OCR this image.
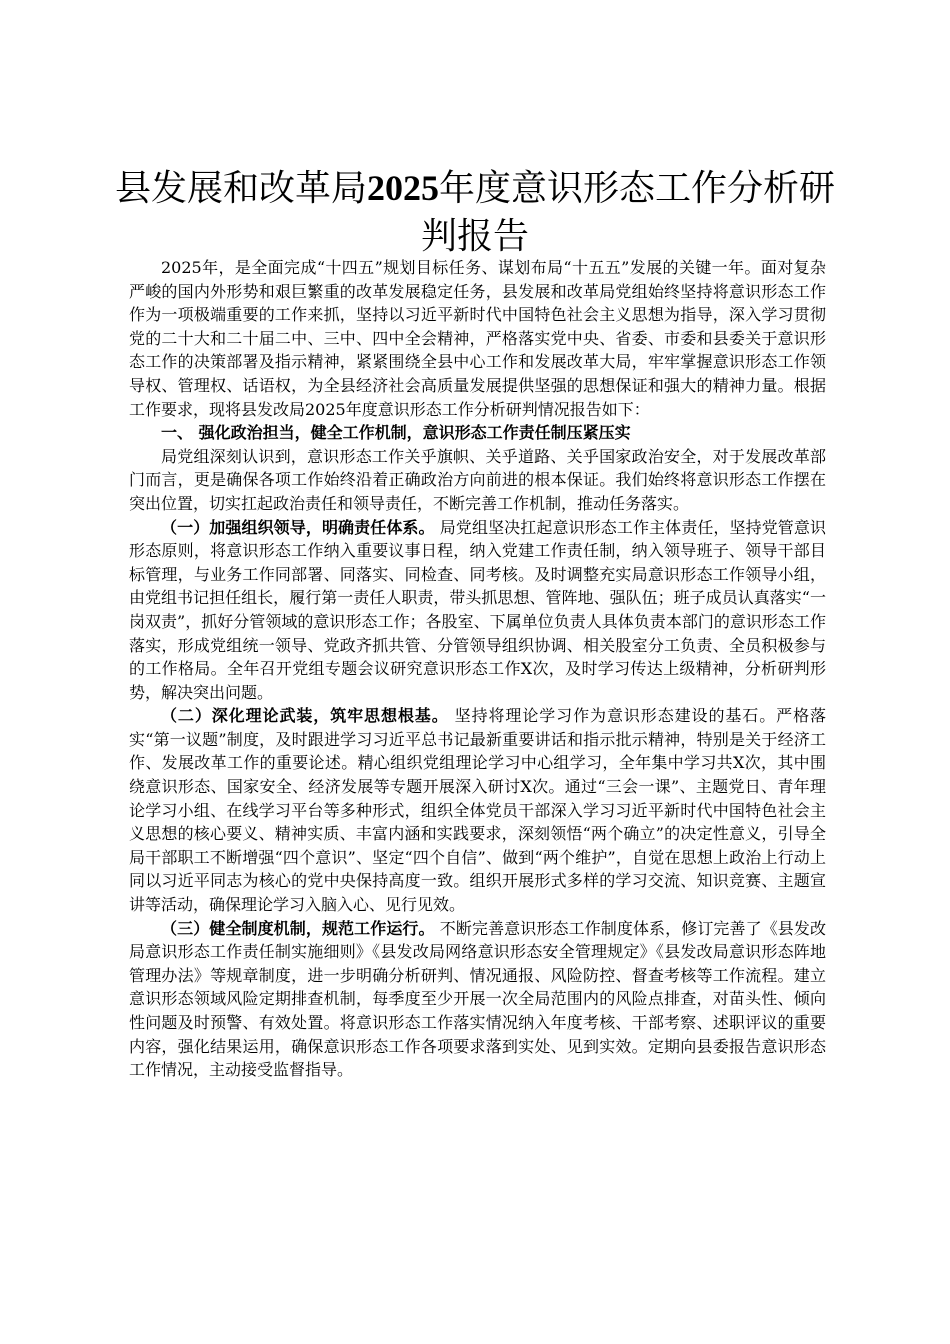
县发展和改革局2025年度意识形态工作分析研判报告

2025年，是全面完成“十四五”规划目标任务、谋划布局“十五五”发展的关键一年。面对复杂严峻的国内外形势和艰巨繁重的改革发展稳定任务，县发展和改革局党组始终坚持将意识形态工作作为一项极端重要的工作来抓，坚持以习近平新时代中国特色社会主义思想为指导，深入学习贯彻党的二十大和二十届二中、三中、四中全会精神，严格落实党中央、省委、市委和县委关于意识形态工作的决策部署及指示精神，紧紧围绕全县中心工作和发展改革大局，牢牢掌握意识形态工作领导权、管理权、话语权，为全县经济社会高质量发展提供坚强的思想保证和强大的精神力量。根据工作要求，现将县发改局2025年度意识形态工作分析研判情况报告如下：

一、 强化政治担当，健全工作机制，意识形态工作责任制压紧压实

局党组深刻认识到，意识形态工作关乎旗帜、关乎道路、关乎国家政治安全，对于发展改革部门而言，更是确保各项工作始终沿着正确政治方向前进的根本保证。我们始终将意识形态工作摆在突出位置，切实扛起政治责任和领导责任，不断完善工作机制，推动任务落实。

（一）加强组织领导，明确责任体系。 局党组坚决扛起意识形态工作主体责任，坚持党管意识形态原则，将意识形态工作纳入重要议事日程，纳入党建工作责任制，纳入领导班子、领导干部目标管理，与业务工作同部署、同落实、同检查、同考核。及时调整充实局意识形态工作领导小组，由党组书记担任组长，履行第一责任人职责，带头抓思想、管阵地、强队伍；班子成员认真落实“一岗双责”，抓好分管领域的意识形态工作；各股室、下属单位负责人具体负责本部门的意识形态工作落实，形成党组统一领导、党政齐抓共管、分管领导组织协调、相关股室分工负责、全员积极参与的工作格局。全年召开党组专题会议研究意识形态工作X次，及时学习传达上级精神，分析研判形势，解决突出问题。

（二）深化理论武装，筑牢思想根基。 坚持将理论学习作为意识形态建设的基石。严格落实“第一议题”制度，及时跟进学习习近平总书记最新重要讲话和指示批示精神，特别是关于经济工作、发展改革工作的重要论述。精心组织党组理论学习中心组学习，全年集中学习共X次，其中围绕意识形态、国家安全、经济发展等专题开展深入研讨X次。通过“三会一课”、主题党日、青年理论学习小组、在线学习平台等多种形式，组织全体党员干部深入学习习近平新时代中国特色社会主义思想的核心要义、精神实质、丰富内涵和实践要求，深刻领悟“两个确立”的决定性意义，引导全局干部职工不断增强“四个意识”、坚定“四个自信”、做到“两个维护”，自觉在思想上政治上行动上同以习近平同志为核心的党中央保持高度一致。组织开展形式多样的学习交流、知识竞赛、主题宣讲等活动，确保理论学习入脑入心、见行见效。

（三）健全制度机制，规范工作运行。 不断完善意识形态工作制度体系，修订完善了《县发改局意识形态工作责任制实施细则》《县发改局网络意识形态安全管理规定》《县发改局意识形态阵地管理办法》等规章制度，进一步明确分析研判、情况通报、风险防控、督查考核等工作流程。建立意识形态领域风险定期排查机制，每季度至少开展一次全局范围内的风险点排查，对苗头性、倾向性问题及时预警、有效处置。将意识形态工作落实情况纳入年度考核、干部考察、述职评议的重要内容，强化结果运用，确保意识形态工作各项要求落到实处、见到实效。定期向县委报告意识形态工作情况，主动接受监督指导。
